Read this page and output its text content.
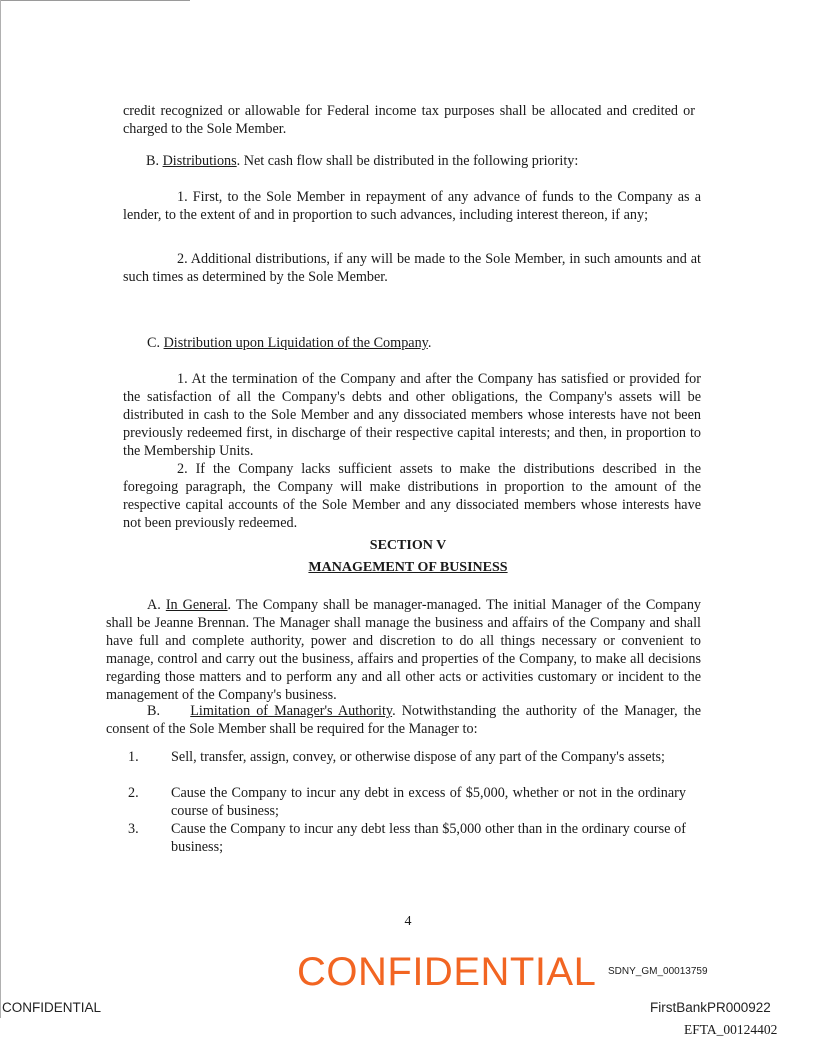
credit recognized or allowable for Federal income tax purposes shall be allocated and credited or charged to the Sole Member.

B. Distributions. Net cash flow shall be distributed in the following priority:

1. First, to the Sole Member in repayment of any advance of funds to the Company as a lender, to the extent of and in proportion to such advances, including interest thereon, if any;

2. Additional distributions, if any will be made to the Sole Member, in such amounts and at such times as determined by the Sole Member.

C. Distribution upon Liquidation of the Company.

1. At the termination of the Company and after the Company has satisfied or provided for the satisfaction of all the Company's debts and other obligations, the Company's assets will be distributed in cash to the Sole Member and any dissociated members whose interests have not been previously redeemed first, in discharge of their respective capital interests; and then, in proportion to the Membership Units.

2. If the Company lacks sufficient assets to make the distributions described in the foregoing paragraph, the Company will make distributions in proportion to the amount of the respective capital accounts of the Sole Member and any dissociated members whose interests have not been previously redeemed.

SECTION V
MANAGEMENT OF BUSINESS

A. In General. The Company shall be manager-managed. The initial Manager of the Company shall be Jeanne Brennan. The Manager shall manage the business and affairs of the Company and shall have full and complete authority, power and discretion to do all things necessary or convenient to manage, control and carry out the business, affairs and properties of the Company, to make all decisions regarding those matters and to perform any and all other acts or activities customary or incident to the management of the Company's business.

B. Limitation of Manager's Authority. Notwithstanding the authority of the Manager, the consent of the Sole Member shall be required for the Manager to:

1. Sell, transfer, assign, convey, or otherwise dispose of any part of the Company's assets;
2. Cause the Company to incur any debt in excess of $5,000, whether or not in the ordinary course of business;
3. Cause the Company to incur any debt less than $5,000 other than in the ordinary course of business;
4
CONFIDENTIAL SDNY_GM_00013759
CONFIDENTIAL	FirstBankPR000922
EFTA_00124402
